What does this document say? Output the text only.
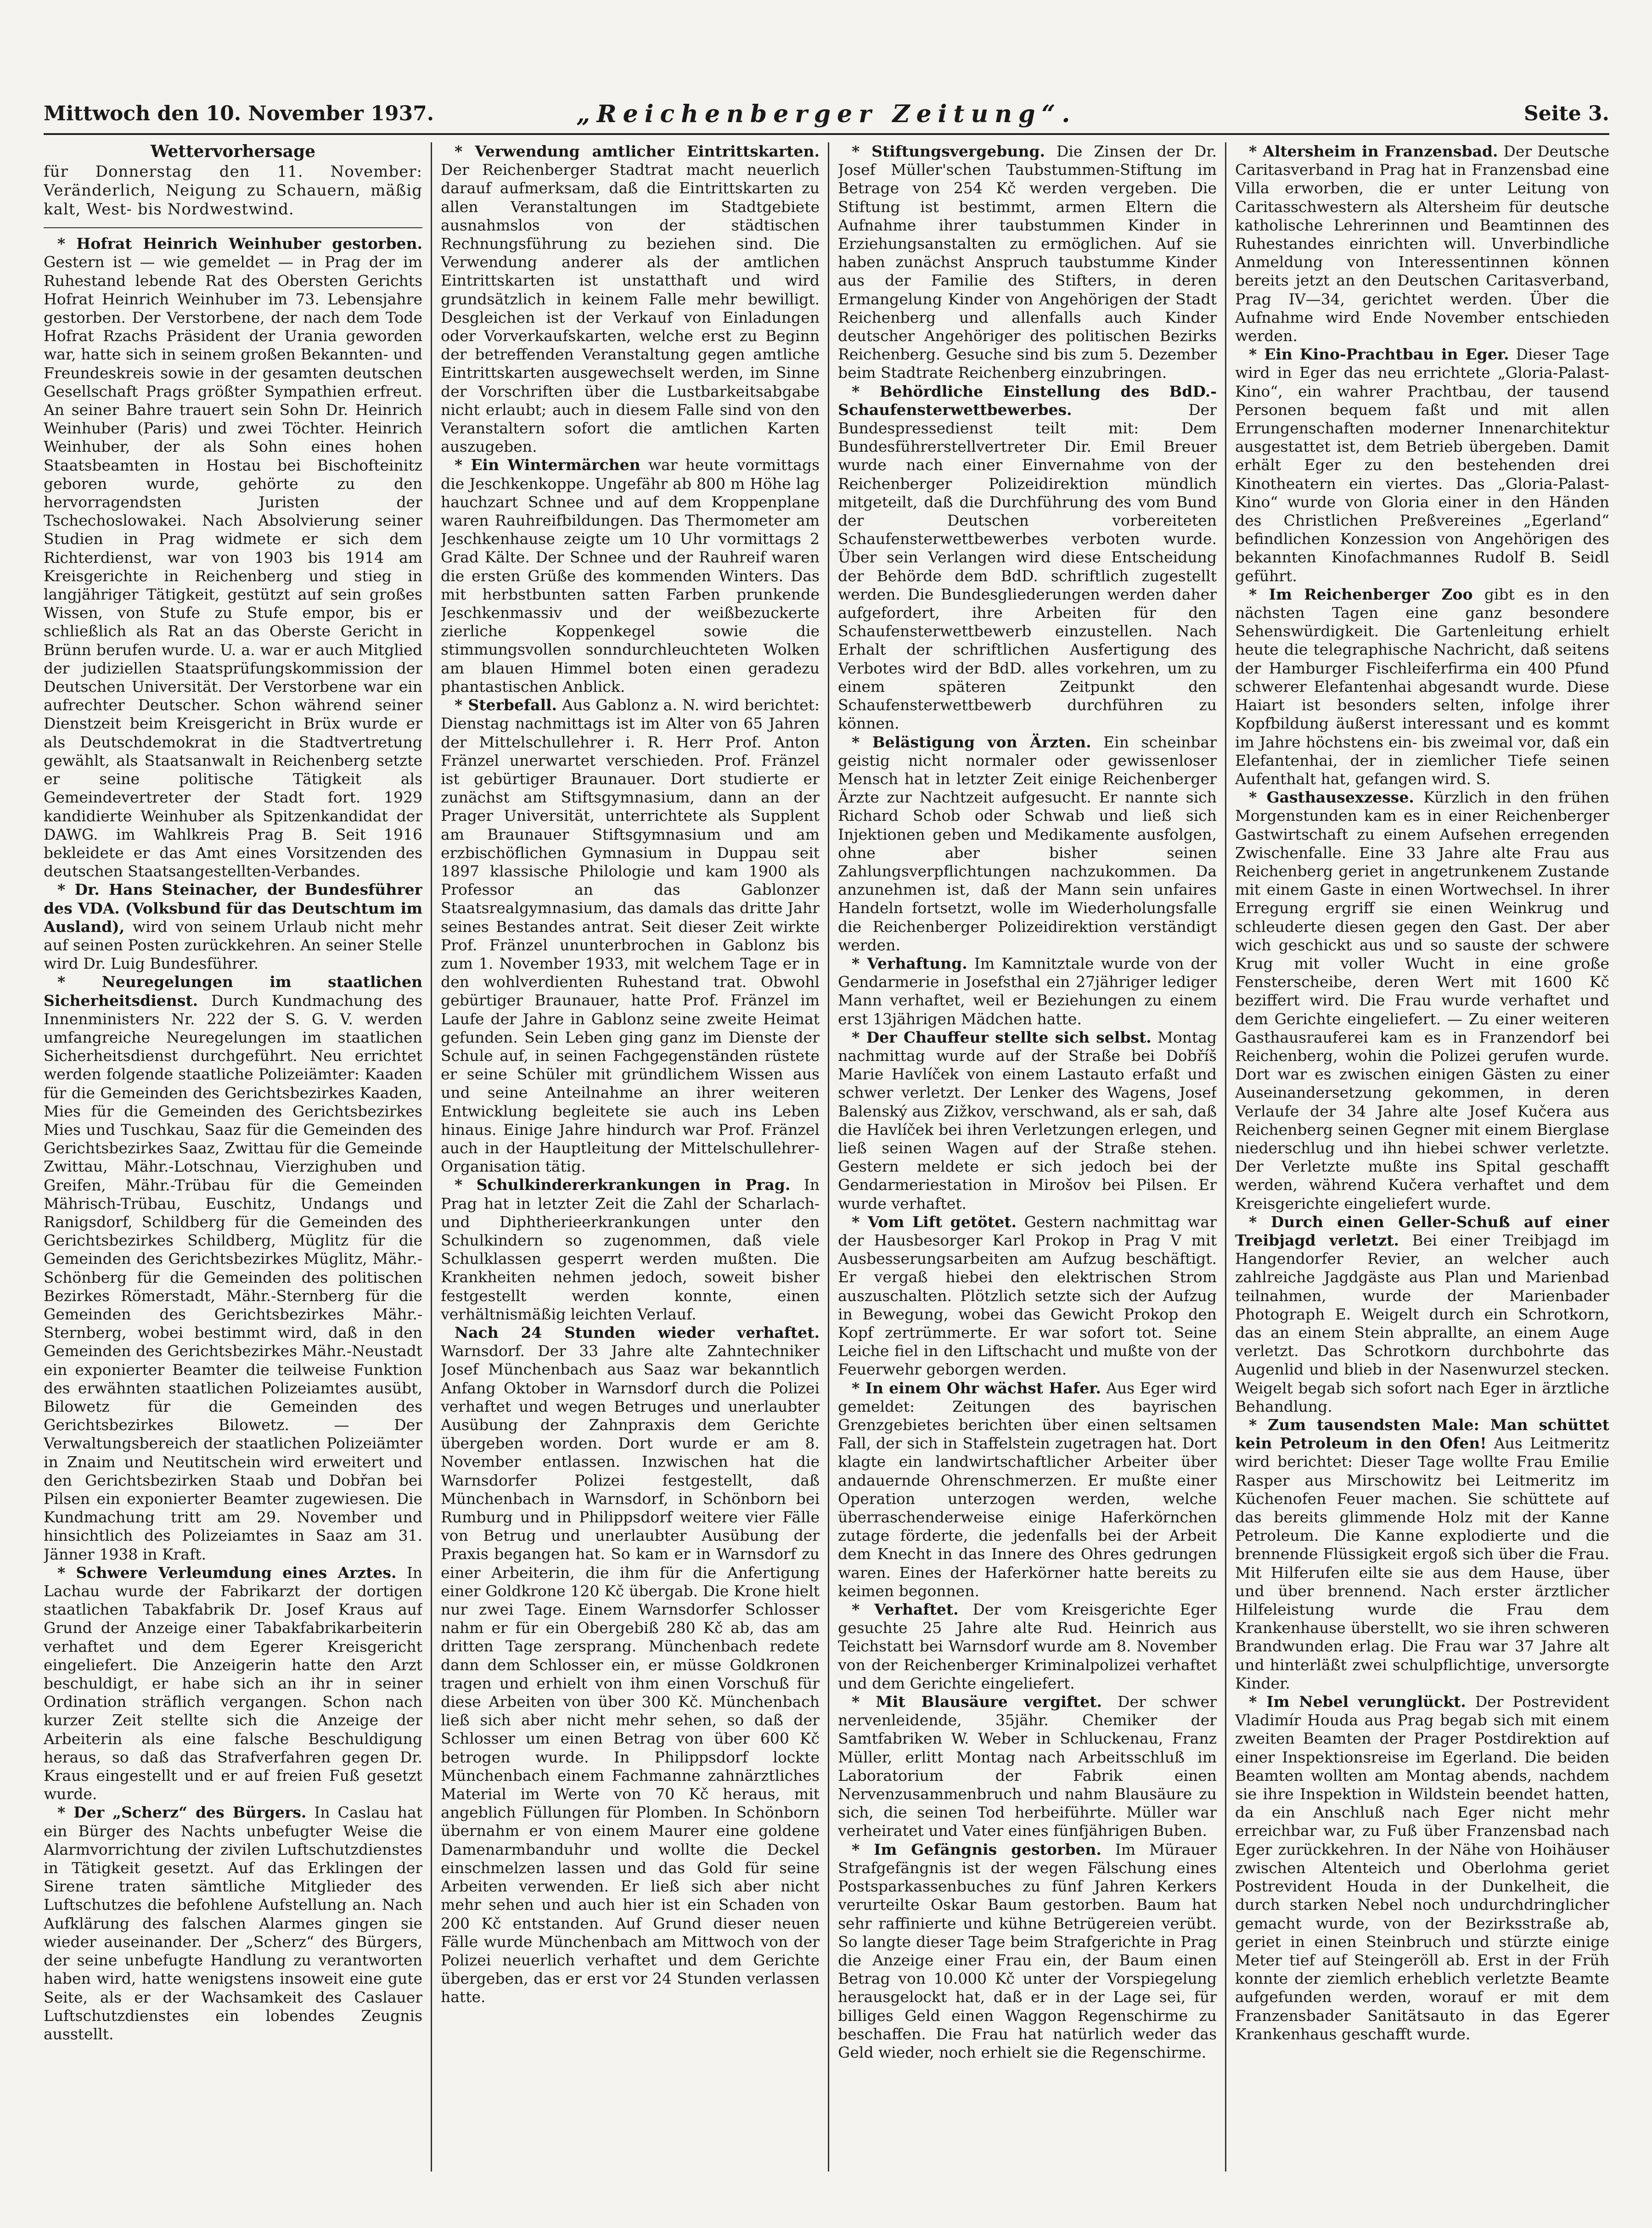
Mittwoch den 10. November 1937.	„Reichenberger Zeitung“.	Seite 3.
Wettervorhersage
für Donnerstag den 11. November: Veränderlich, Neigung zu Schauern, mäßig kalt, West- bis Nordwestwind.

* Hofrat Heinrich Weinhuber gestorben. Gestern ist — wie gemeldet — in Prag der im Ruhestand lebende Rat des Obersten Gerichts Hofrat Heinrich Weinhuber im 73. Lebensjahre gestorben. Der Verstorbene, der nach dem Tode Hofrat Rzachs Präsident der Urania geworden war, hatte sich in seinem großen Bekannten- und Freundeskreis sowie in der gesamten deutschen Gesellschaft Prags größter Sympathien erfreut. An seiner Bahre trauert sein Sohn Dr. Heinrich Weinhuber (Paris) und zwei Töchter. Heinrich Weinhuber, der als Sohn eines hohen Staatsbeamten in Hostau bei Bischofteinitz geboren wurde, gehörte zu den hervorragendsten Juristen der Tschechoslowakei. Nach Absolvierung seiner Studien in Prag widmete er sich dem Richterdienst, war von 1903 bis 1914 am Kreisgerichte in Reichenberg und stieg in langjähriger Tätigkeit, gestützt auf sein großes Wissen, von Stufe zu Stufe empor, bis er schließlich als Rat an das Oberste Gericht in Brünn berufen wurde. U. a. war er auch Mitglied der judiziellen Staatsprüfungskommission der Deutschen Universität. Der Verstorbene war ein aufrechter Deutscher. Schon während seiner Dienstzeit beim Kreisgericht in Brüx wurde er als Deutschdemokrat in die Stadtvertretung gewählt, als Staatsanwalt in Reichenberg setzte er seine politische Tätigkeit als Gemeindevertreter der Stadt fort. 1929 kandidierte Weinhuber als Spitzenkandidat der DAWG. im Wahlkreis Prag B. Seit 1916 bekleidete er das Amt eines Vorsitzenden des deutschen Staatsangestellten-Verbandes.

* Dr. Hans Steinacher, der Bundesführer des VDA. (Volksbund für das Deutschtum im Ausland), wird von seinem Urlaub nicht mehr auf seinen Posten zurückkehren. An seiner Stelle wird Dr. Luig Bundesführer.

* Neuregelungen im staatlichen Sicherheitsdienst. Durch Kundmachung des Innenministers Nr. 222 der S. G. V. werden umfangreiche Neuregelungen im staatlichen Sicherheitsdienst durchgeführt. Neu errichtet werden folgende staatliche Polizeiämter: Kaaden für die Gemeinden des Gerichtsbezirkes Kaaden, Mies für die Gemeinden des Gerichtsbezirkes Mies und Tuschkau, Saaz für die Gemeinden des Gerichtsbezirkes Saaz, Zwittau für die Gemeinde Zwittau, Mähr.-Lotschnau, Vierzighuben und Greifen, Mähr.-Trübau für die Gemeinden Mährisch-Trübau, Euschitz, Undangs und Ranigsdorf, Schildberg für die Gemeinden des Gerichtsbezirkes Schildberg, Müglitz für die Gemeinden des Gerichtsbezirkes Müglitz, Mähr.-Schönberg für die Gemeinden des politischen Bezirkes Römerstadt, Mähr.-Sternberg für die Gemeinden des Gerichtsbezirkes Mähr.-Sternberg, wobei bestimmt wird, daß in den Gemeinden des Gerichtsbezirkes Mähr.-Neustadt ein exponierter Beamter die teilweise Funktion des erwähnten staatlichen Polizeiamtes ausübt, Bilowetz für die Gemeinden des Gerichtsbezirkes Bilowetz. — Der Verwaltungsbereich der staatlichen Polizeiämter in Znaim und Neutitschein wird erweitert und den Gerichtsbezirken Staab und Dobřan bei Pilsen ein exponierter Beamter zugewiesen. Die Kundmachung tritt am 29. November und hinsichtlich des Polizeiamtes in Saaz am 31. Jänner 1938 in Kraft.

* Schwere Verleumdung eines Arztes. In Lachau wurde der Fabrikarzt der dortigen staatlichen Tabakfabrik Dr. Josef Kraus auf Grund der Anzeige einer Tabakfabrikarbeiterin verhaftet und dem Egerer Kreisgericht eingeliefert. Die Anzeigerin hatte den Arzt beschuldigt, er habe sich an ihr in seiner Ordination sträflich vergangen. Schon nach kurzer Zeit stellte sich die Anzeige der Arbeiterin als eine falsche Beschuldigung heraus, so daß das Strafverfahren gegen Dr. Kraus eingestellt und er auf freien Fuß gesetzt wurde.

* Der „Scherz“ des Bürgers. In Caslau hat ein Bürger des Nachts unbefugter Weise die Alarmvorrichtung der zivilen Luftschutzdienstes in Tätigkeit gesetzt. Auf das Erklingen der Sirene traten sämtliche Mitglieder des Luftschutzes die befohlene Aufstellung an. Nach Aufklärung des falschen Alarmes gingen sie wieder auseinander. Der „Scherz“ des Bürgers, der seine unbefugte Handlung zu verantworten haben wird, hatte wenigstens insoweit eine gute Seite, als er der Wachsamkeit des Caslauer Luftschutzdienstes ein lobendes Zeugnis ausstellt.

* Verwendung amtlicher Eintrittskarten. Der Reichenberger Stadtrat macht neuerlich darauf aufmerksam, daß die Eintrittskarten zu allen Veranstaltungen im Stadtgebiete ausnahmslos von der städtischen Rechnungsführung zu beziehen sind. Die Verwendung anderer als der amtlichen Eintrittskarten ist unstatthaft und wird grundsätzlich in keinem Falle mehr bewilligt. Desgleichen ist der Verkauf von Einladungen oder Vorverkaufskarten, welche erst zu Beginn der betreffenden Veranstaltung gegen amtliche Eintrittskarten ausgewechselt werden, im Sinne der Vorschriften über die Lustbarkeitsabgabe nicht erlaubt; auch in diesem Falle sind von den Veranstaltern sofort die amtlichen Karten auszugeben.

* Ein Wintermärchen war heute vormittags die Jeschkenkoppe. Ungefähr ab 800 m Höhe lag hauchzart Schnee und auf dem Kroppenplane waren Rauhreifbildungen. Das Thermometer am Jeschkenhause zeigte um 10 Uhr vormittags 2 Grad Kälte. Der Schnee und der Rauhreif waren die ersten Grüße des kommenden Winters. Das mit herbstbunten satten Farben prunkende Jeschkenmassiv und der weißbezuckerte zierliche Koppenkegel sowie die stimmungsvollen sonndurchleuchteten Wolken am blauen Himmel boten einen geradezu phantastischen Anblick.

* Sterbefall. Aus Gablonz a. N. wird berichtet: Dienstag nachmittags ist im Alter von 65 Jahren der Mittelschullehrer i. R. Herr Prof. Anton Fränzel unerwartet verschieden. Prof. Fränzel ist gebürtiger Braunauer. Dort studierte er zunächst am Stiftsgymnasium, dann an der Prager Universität, unterrichtete als Supplent am Braunauer Stiftsgymnasium und am erzbischöflichen Gymnasium in Duppau seit 1897 klassische Philologie und kam 1900 als Professor an das Gablonzer Staatsrealgymnasium, das damals das dritte Jahr seines Bestandes antrat. Seit dieser Zeit wirkte Prof. Fränzel ununterbrochen in Gablonz bis zum 1. November 1933, mit welchem Tage er in den wohlverdienten Ruhestand trat. Obwohl gebürtiger Braunauer, hatte Prof. Fränzel im Laufe der Jahre in Gablonz seine zweite Heimat gefunden. Sein Leben ging ganz im Dienste der Schule auf, in seinen Fachgegenständen rüstete er seine Schüler mit gründlichem Wissen aus und seine Anteilnahme an ihrer weiteren Entwicklung begleitete sie auch ins Leben hinaus. Einige Jahre hindurch war Prof. Fränzel auch in der Hauptleitung der Mittelschullehrer-Organisation tätig.

* Schulkindererkrankungen in Prag. In Prag hat in letzter Zeit die Zahl der Scharlach- und Diphtherieerkrankungen unter den Schulkindern so zugenommen, daß viele Schulklassen gesperrt werden mußten. Die Krankheiten nehmen jedoch, soweit bisher festgestellt werden konnte, einen verhältnismäßig leichten Verlauf.

Nach 24 Stunden wieder verhaftet. Warnsdorf. Der 33 Jahre alte Zahntechniker Josef Münchenbach aus Saaz war bekanntlich Anfang Oktober in Warnsdorf durch die Polizei verhaftet und wegen Betruges und unerlaubter Ausübung der Zahnpraxis dem Gerichte übergeben worden. Dort wurde er am 8. November entlassen. Inzwischen hat die Warnsdorfer Polizei festgestellt, daß Münchenbach in Warnsdorf, in Schönborn bei Rumburg und in Philippsdorf weitere vier Fälle von Betrug und unerlaubter Ausübung der Praxis begangen hat. So kam er in Warnsdorf zu einer Arbeiterin, die ihm für die Anfertigung einer Goldkrone 120 Kč übergab. Die Krone hielt nur zwei Tage. Einem Warnsdorfer Schlosser nahm er für ein Obergebiß 280 Kč ab, das am dritten Tage zersprang. Münchenbach redete dann dem Schlosser ein, er müsse Goldkronen tragen und erhielt von ihm einen Vorschuß für diese Arbeiten von über 300 Kč. Münchenbach ließ sich aber nicht mehr sehen, so daß der Schlosser um einen Betrag von über 600 Kč betrogen wurde. In Philippsdorf lockte Münchenbach einem Fachmanne zahnärztliches Material im Werte von 70 Kč heraus, mit angeblich Füllungen für Plomben. In Schönborn übernahm er von einem Maurer eine goldene Damenarmbanduhr und wollte die Deckel einschmelzen lassen und das Gold für seine Arbeiten verwenden. Er ließ sich aber nicht mehr sehen und auch hier ist ein Schaden von 200 Kč entstanden. Auf Grund dieser neuen Fälle wurde Münchenbach am Mittwoch von der Polizei neuerlich verhaftet und dem Gerichte übergeben, das er erst vor 24 Stunden verlassen hatte.

* Stiftungsvergebung. Die Zinsen der Dr. Josef Müller'schen Taubstummen-Stiftung im Betrage von 254 Kč werden vergeben. Die Stiftung ist bestimmt, armen Eltern die Aufnahme ihrer taubstummen Kinder in Erziehungsanstalten zu ermöglichen. Auf sie haben zunächst Anspruch taubstumme Kinder aus der Familie des Stifters, in deren Ermangelung Kinder von Angehörigen der Stadt Reichenberg und allenfalls auch Kinder deutscher Angehöriger des politischen Bezirks Reichenberg. Gesuche sind bis zum 5. Dezember beim Stadtrate Reichenberg einzubringen.

* Behördliche Einstellung des BdD.-Schaufensterwettbewerbes. Der Bundespressedienst teilt mit: Dem Bundesführerstellvertreter Dir. Emil Breuer wurde nach einer Einvernahme von der Reichenberger Polizeidirektion mündlich mitgeteilt, daß die Durchführung des vom Bund der Deutschen vorbereiteten Schaufensterwettbewerbes verboten wurde. Über sein Verlangen wird diese Entscheidung der Behörde dem BdD. schriftlich zugestellt werden. Die Bundesgliederungen werden daher aufgefordert, ihre Arbeiten für den Schaufensterwettbewerb einzustellen. Nach Erhalt der schriftlichen Ausfertigung des Verbotes wird der BdD. alles vorkehren, um zu einem späteren Zeitpunkt den Schaufensterwettbewerb durchführen zu können.

* Belästigung von Ärzten. Ein scheinbar geistig nicht normaler oder gewissenloser Mensch hat in letzter Zeit einige Reichenberger Ärzte zur Nachtzeit aufgesucht. Er nannte sich Richard Schob oder Schwab und ließ sich Injektionen geben und Medikamente ausfolgen, ohne aber bisher seinen Zahlungsverpflichtungen nachzukommen. Da anzunehmen ist, daß der Mann sein unfaires Handeln fortsetzt, wolle im Wiederholungsfalle die Reichenberger Polizeidirektion verständigt werden.

* Verhaftung. Im Kamnitztale wurde von der Gendarmerie in Josefsthal ein 27jähriger lediger Mann verhaftet, weil er Beziehungen zu einem erst 13jährigen Mädchen hatte.

* Der Chauffeur stellte sich selbst. Montag nachmittag wurde auf der Straße bei Dobříš Marie Havlíček von einem Lastauto erfaßt und schwer verletzt. Der Lenker des Wagens, Josef Balenský aus Zižkov, verschwand, als er sah, daß die Havlíček bei ihren Verletzungen erlegen, und ließ seinen Wagen auf der Straße stehen. Gestern meldete er sich jedoch bei der Gendarmeriestation in Mirošov bei Pilsen. Er wurde verhaftet.

* Vom Lift getötet. Gestern nachmittag war der Hausbesorger Karl Prokop in Prag V mit Ausbesserungsarbeiten am Aufzug beschäftigt. Er vergaß hiebei den elektrischen Strom auszuschalten. Plötzlich setzte sich der Aufzug in Bewegung, wobei das Gewicht Prokop den Kopf zertrümmerte. Er war sofort tot. Seine Leiche fiel in den Liftschacht und mußte von der Feuerwehr geborgen werden.

* In einem Ohr wächst Hafer. Aus Eger wird gemeldet: Zeitungen des bayrischen Grenzgebietes berichten über einen seltsamen Fall, der sich in Staffelstein zugetragen hat. Dort klagte ein landwirtschaftlicher Arbeiter über andauernde Ohrenschmerzen. Er mußte einer Operation unterzogen werden, welche überraschenderweise einige Haferkörnchen zutage förderte, die jedenfalls bei der Arbeit dem Knecht in das Innere des Ohres gedrungen waren. Eines der Haferkörner hatte bereits zu keimen begonnen.

* Verhaftet. Der vom Kreisgerichte Eger gesuchte 25 Jahre alte Rud. Heinrich aus Teichstatt bei Warnsdorf wurde am 8. November von der Reichenberger Kriminalpolizei verhaftet und dem Gerichte eingeliefert.

* Mit Blausäure vergiftet. Der schwer nervenleidende, 35jähr. Chemiker der Samtfabriken W. Weber in Schluckenau, Franz Müller, erlitt Montag nach Arbeitsschluß im Laboratorium der Fabrik einen Nervenzusammenbruch und nahm Blausäure zu sich, die seinen Tod herbeiführte. Müller war verheiratet und Vater eines fünfjährigen Buben.

* Im Gefängnis gestorben. Im Mürauer Strafgefängnis ist der wegen Fälschung eines Postsparkassenbuches zu fünf Jahren Kerkers verurteilte Oskar Baum gestorben. Baum hat sehr raffinierte und kühne Betrügereien verübt. So langte dieser Tage beim Strafgerichte in Prag die Anzeige einer Frau ein, der Baum einen Betrag von 10.000 Kč unter der Vorspiegelung herausgelockt hat, daß er in der Lage sei, für billiges Geld einen Waggon Regenschirme zu beschaffen. Die Frau hat natürlich weder das Geld wieder, noch erhielt sie die Regenschirme.

* Altersheim in Franzensbad. Der Deutsche Caritasverband in Prag hat in Franzensbad eine Villa erworben, die er unter Leitung von Caritasschwestern als Altersheim für deutsche katholische Lehrerinnen und Beamtinnen des Ruhestandes einrichten will. Unverbindliche Anmeldung von Interessentinnen können bereits jetzt an den Deutschen Caritasverband, Prag IV—34, gerichtet werden. Über die Aufnahme wird Ende November entschieden werden.

* Ein Kino-Prachtbau in Eger. Dieser Tage wird in Eger das neu errichtete „Gloria-Palast-Kino“, ein wahrer Prachtbau, der tausend Personen bequem faßt und mit allen Errungenschaften moderner Innenarchitektur ausgestattet ist, dem Betrieb übergeben. Damit erhält Eger zu den bestehenden drei Kinotheatern ein viertes. Das „Gloria-Palast-Kino“ wurde von Gloria einer in den Händen des Christlichen Preßvereines „Egerland“ befindlichen Konzession von Angehörigen des bekannten Kinofachmannes Rudolf B. Seidl geführt.

* Im Reichenberger Zoo gibt es in den nächsten Tagen eine ganz besondere Sehenswürdigkeit. Die Gartenleitung erhielt heute die telegraphische Nachricht, daß seitens der Hamburger Fischleiferfirma ein 400 Pfund schwerer Elefantenhai abgesandt wurde. Diese Haiart ist besonders selten, infolge ihrer Kopfbildung äußerst interessant und es kommt im Jahre höchstens ein- bis zweimal vor, daß ein Elefantenhai, der in ziemlicher Tiefe seinen Aufenthalt hat, gefangen wird. S.

* Gasthausexzesse. Kürzlich in den frühen Morgenstunden kam es in einer Reichenberger Gastwirtschaft zu einem Aufsehen erregenden Zwischenfalle. Eine 33 Jahre alte Frau aus Reichenberg geriet in angetrunkenem Zustande mit einem Gaste in einen Wortwechsel. In ihrer Erregung ergriff sie einen Weinkrug und schleuderte diesen gegen den Gast. Der aber wich geschickt aus und so sauste der schwere Krug mit voller Wucht in eine große Fensterscheibe, deren Wert mit 1600 Kč beziffert wird. Die Frau wurde verhaftet und dem Gerichte eingeliefert. — Zu einer weiteren Gasthausrauferei kam es in Franzendorf bei Reichenberg, wohin die Polizei gerufen wurde. Dort war es zwischen einigen Gästen zu einer Auseinandersetzung gekommen, in deren Verlaufe der 34 Jahre alte Josef Kučera aus Reichenberg seinen Gegner mit einem Bierglase niederschlug und ihn hiebei schwer verletzte. Der Verletzte mußte ins Spital geschafft werden, während Kučera verhaftet und dem Kreisgerichte eingeliefert wurde.

* Durch einen Geller-Schuß auf einer Treibjagd verletzt. Bei einer Treibjagd im Hangendorfer Revier, an welcher auch zahlreiche Jagdgäste aus Plan und Marienbad teilnahmen, wurde der Marienbader Photograph E. Weigelt durch ein Schrotkorn, das an einem Stein abprallte, an einem Auge verletzt. Das Schrotkorn durchbohrte das Augenlid und blieb in der Nasenwurzel stecken. Weigelt begab sich sofort nach Eger in ärztliche Behandlung.

* Zum tausendsten Male: Man schüttet kein Petroleum in den Ofen! Aus Leitmeritz wird berichtet: Dieser Tage wollte Frau Emilie Rasper aus Mirschowitz bei Leitmeritz im Küchenofen Feuer machen. Sie schüttete auf das bereits glimmende Holz mit der Kanne Petroleum. Die Kanne explodierte und die brennende Flüssigkeit ergoß sich über die Frau. Mit Hilferufen eilte sie aus dem Hause, über und über brennend. Nach erster ärztlicher Hilfeleistung wurde die Frau dem Krankenhause überstellt, wo sie ihren schweren Brandwunden erlag. Die Frau war 37 Jahre alt und hinterläßt zwei schulpflichtige, unversorgte Kinder.

* Im Nebel verunglückt. Der Postrevident Vladimír Houda aus Prag begab sich mit einem zweiten Beamten der Prager Postdirektion auf einer Inspektionsreise im Egerland. Die beiden Beamten wollten am Montag abends, nachdem sie ihre Inspektion in Wildstein beendet hatten, da ein Anschluß nach Eger nicht mehr erreichbar war, zu Fuß über Franzensbad nach Eger zurückkehren. In der Nähe von Hoihäuser zwischen Altenteich und Oberlohma geriet Postrevident Houda in der Dunkelheit, die durch starken Nebel noch undurchdringlicher gemacht wurde, von der Bezirksstraße ab, geriet in einen Steinbruch und stürzte einige Meter tief auf Steingeröll ab. Erst in der Früh konnte der ziemlich erheblich verletzte Beamte aufgefunden werden, worauf er mit dem Franzensbader Sanitätsauto in das Egerer Krankenhaus geschafft wurde.
